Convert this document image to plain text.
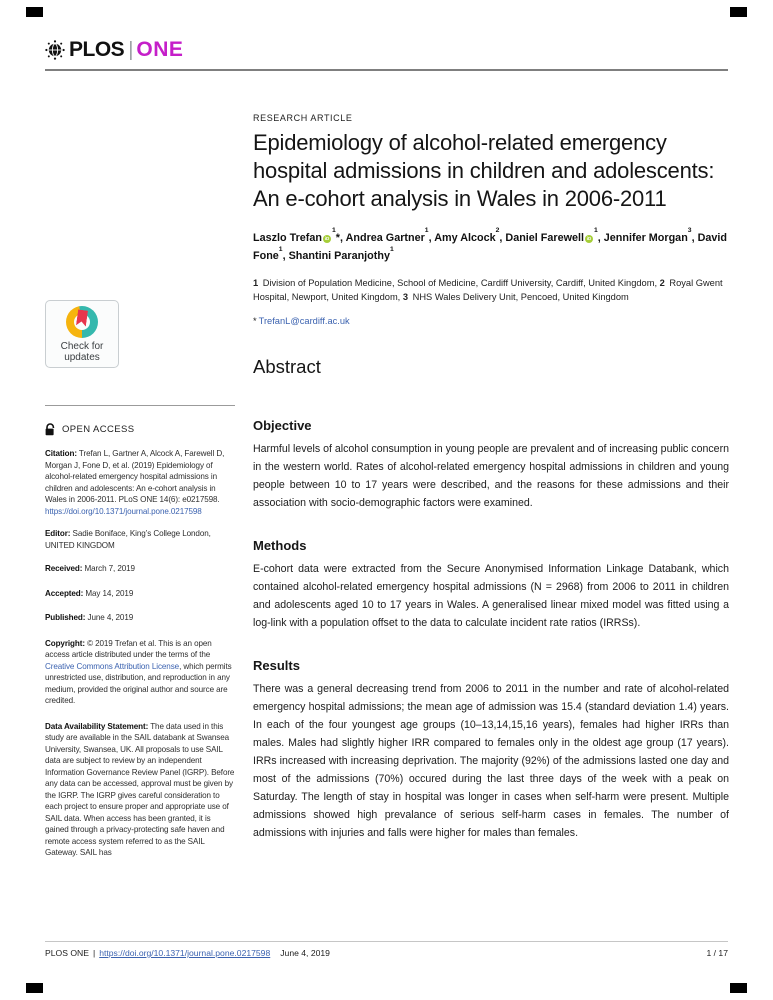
PLOS | ONE
Check for
updates
OPEN ACCESS

Citation: Trefan L, Gartner A, Alcock A, Farewell D, Morgan J, Fone D, et al. (2019) Epidemiology of alcohol-related emergency hospital admissions in children and adolescents: An e-cohort analysis in Wales in 2006-2011. PLoS ONE 14(6): e0217598. https://doi.org/10.1371/journal.pone.0217598

Editor: Sadie Boniface, King’s College London, UNITED KINGDOM

Received: March 7, 2019

Accepted: May 14, 2019

Published: June 4, 2019

Copyright: © 2019 Trefan et al. This is an open access article distributed under the terms of the Creative Commons Attribution License, which permits unrestricted use, distribution, and reproduction in any medium, provided the original author and source are credited.

Data Availability Statement: The data used in this study are available in the SAIL databank at Swansea University, Swansea, UK. All proposals to use SAIL data are subject to review by an independent Information Governance Review Panel (IGRP). Before any data can be accessed, approval must be given by the IGRP. The IGRP gives careful consideration to each project to ensure proper and appropriate use of SAIL data. When access has been granted, it is gained through a privacy-protecting safe haven and remote access system referred to as the SAIL Gateway. SAIL has

RESEARCH ARTICLE
Epidemiology of alcohol-related emergency hospital admissions in children and adolescents: An e-cohort analysis in Wales in 2006-2011
Laszlo Trefan $iD^1*$, Andrea Gartner$^1$, Amy Alcock$^2$, Daniel Farewell $iD^1$, Jennifer Morgan$^3$, David Fone$^1$, Shantini Paranjothy$^1$
1 Division of Population Medicine, School of Medicine, Cardiff University, Cardiff, United Kingdom, 2 Royal Gwent Hospital, Newport, United Kingdom, 3 NHS Wales Delivery Unit, Pencoed, United Kingdom
* TrefanL@cardiff.ac.uk
Abstract
Objective

Harmful levels of alcohol consumption in young people are prevalent and of increasing public concern in the western world. Rates of alcohol-related emergency hospital admissions in children and young people between 10 to 17 years were described, and the reasons for these admissions and their association with socio-demographic factors were examined.

Methods

E-cohort data were extracted from the Secure Anonymised Information Linkage Databank, which contained alcohol-related emergency hospital admissions (N = 2968) from 2006 to 2011 in children and adolescents aged 10 to 17 years in Wales. A generalised linear mixed model was fitted using a log-link with a population offset to the data to calculate incident rate ratios (IRRSs).

Results

There was a general decreasing trend from 2006 to 2011 in the number and rate of alcohol-related emergency hospital admissions; the mean age of admission was 15.4 (standard deviation 1.4) years. In each of the four youngest age groups (10–13,14,15,16 years), females had higher IRRs than males. Males had slightly higher IRR compared to females only in the oldest age group (17 years). IRRs increased with increasing deprivation. The majority (92%) of the admissions lasted one day and most of the admissions (70%) occured during the last three days of the week with a peak on Saturday. The length of stay in hospital was longer in cases when self-harm were present. Multiple admissions showed high prevalance of serious self-harm cases in females. The number of admissions with injuries and falls were higher for males than females.

PLOS ONE | https://doi.org/10.1371/journal.pone.0217598 June 4, 2019	1 / 17
